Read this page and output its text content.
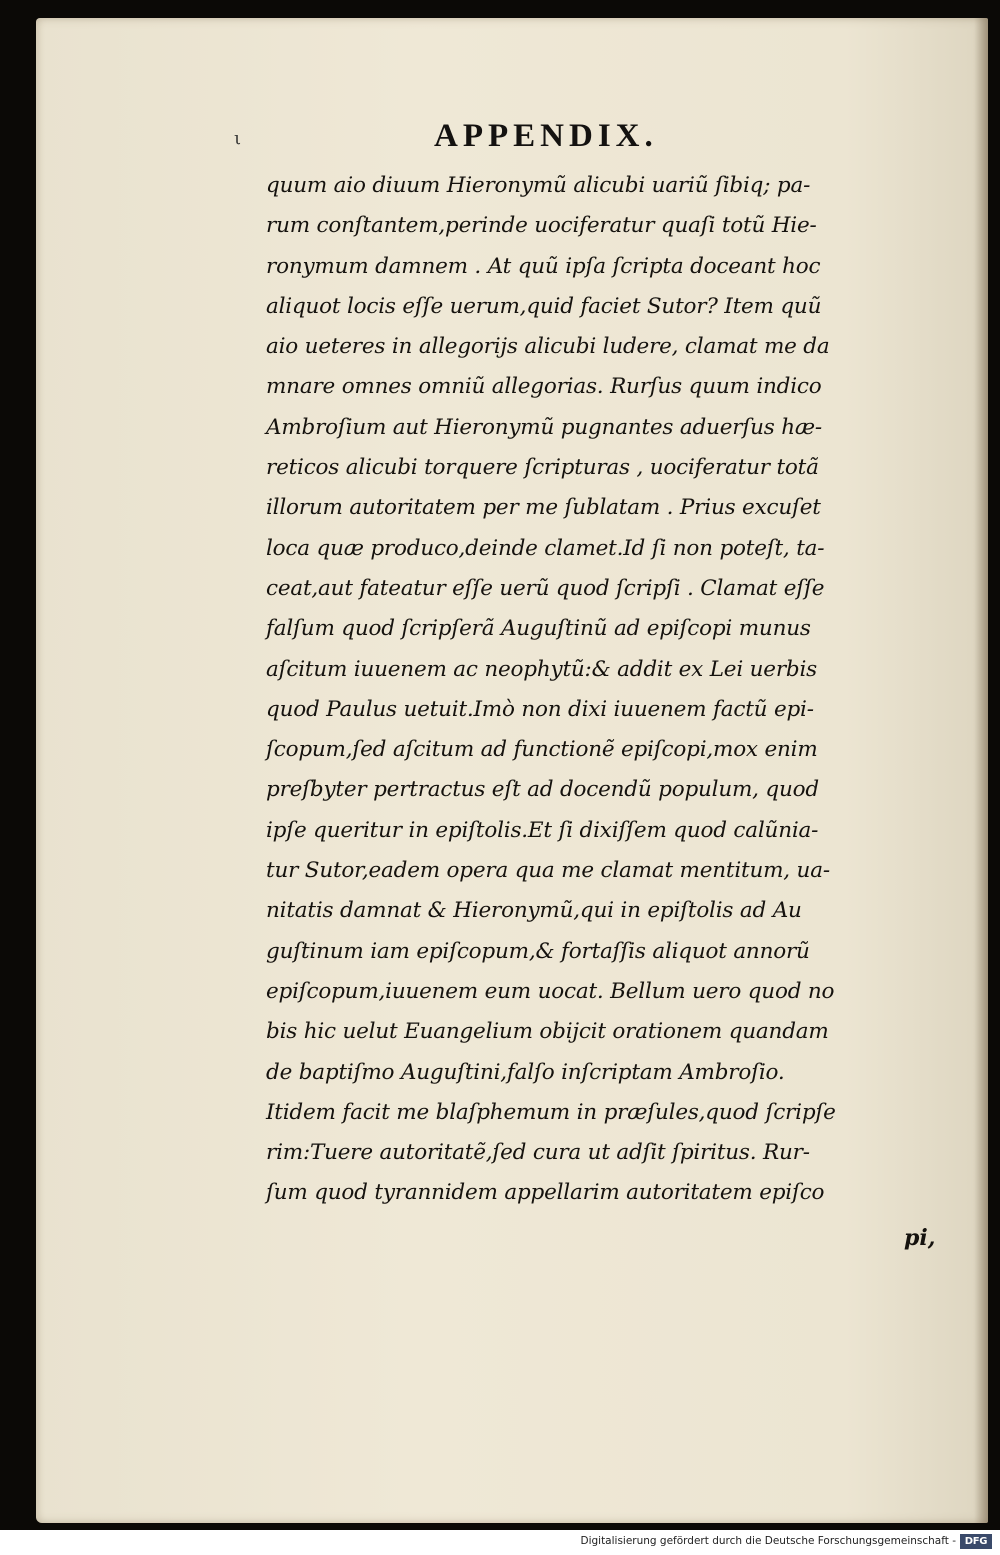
ι	APPENDIX.
quum aio diuum Hieronymũ alicubi uariũ ſibiq; pa-
rum conſtantem,perinde uociferatur quaſi totũ Hie-
ronymum damnem . At quũ ipſa ſcripta doceant hoc
aliquot locis eſſe uerum,quid faciet Sutor? Item quũ
aio ueteres in allegorijs alicubi ludere, clamat me da
mnare omnes omniũ allegorias. Rurſus quum indico
Ambroſium aut Hieronymũ pugnantes aduerſus hæ-
reticos alicubi torquere ſcripturas , uociferatur totã
illorum autoritatem per me ſublatam . Prius excuſet
loca quæ produco,deinde clamet.Id ſi non poteſt, ta-
ceat,aut fateatur eſſe uerũ quod ſcripſi . Clamat eſſe
falſum quod ſcripſerã Auguſtinũ ad epiſcopi munus
aſcitum iuuenem ac neophytũ:& addit ex Lei uerbis
quod Paulus uetuit.Imò non dixi iuuenem factũ epi-
ſcopum,ſed aſcitum ad functionẽ epiſcopi,mox enim
preſbyter pertractus eſt ad docendũ populum, quod
ipſe queritur in epiſtolis.Et ſi dixiſſem quod calũnia-
tur Sutor,eadem opera qua me clamat mentitum, ua-
nitatis damnat & Hieronymũ,qui in epiſtolis ad Au
guſtinum iam epiſcopum,& fortaſſis aliquot annorũ
epiſcopum,iuuenem eum uocat. Bellum uero quod no
bis hic uelut Euangelium obijcit orationem quandam
de baptiſmo Auguſtini,falſo inſcriptam Ambroſio.
Itidem facit me blaſphemum in præſules,quod ſcripſe
rim:Tuere autoritatẽ,ſed cura ut adſit ſpiritus. Rur-
ſum quod tyrannidem appellarim autoritatem epiſco
pi,
Digitalisierung gefördert durch die Deutsche Forschungsgemeinschaft - DFG
